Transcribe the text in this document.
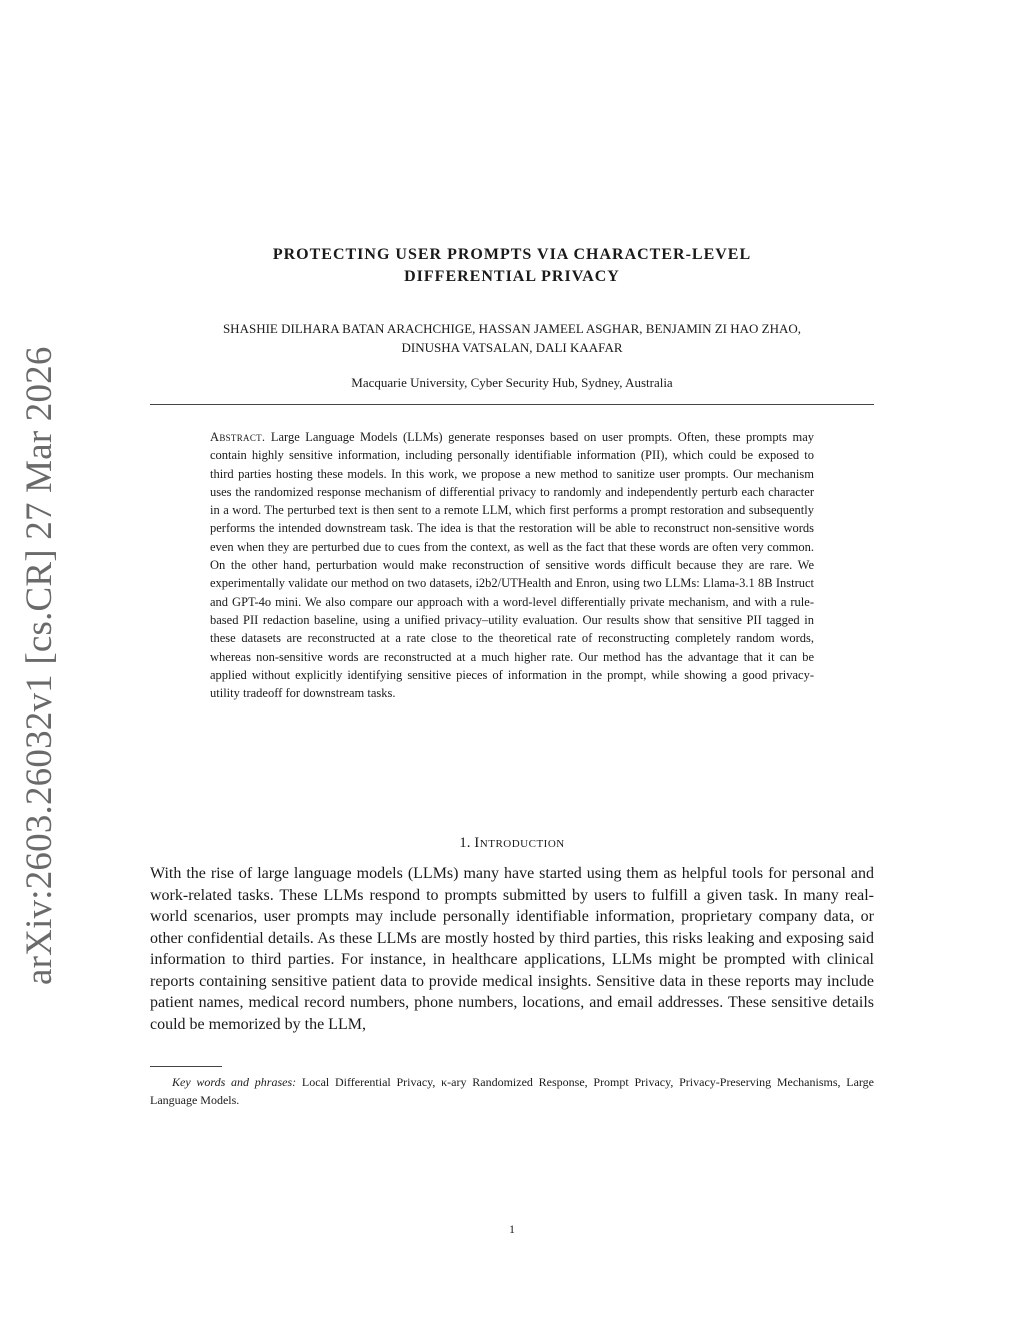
arXiv:2603.26032v1 [cs.CR] 27 Mar 2026
PROTECTING USER PROMPTS VIA CHARACTER-LEVEL
DIFFERENTIAL PRIVACY
SHASHIE DILHARA BATAN ARACHCHIGE, HASSAN JAMEEL ASGHAR, BENJAMIN ZI HAO ZHAO,
DINUSHA VATSALAN, DALI KAAFAR
Macquarie University, Cyber Security Hub, Sydney, Australia
Abstract. Large Language Models (LLMs) generate responses based on user prompts. Often, these prompts may contain highly sensitive information, including personally identifiable information (PII), which could be exposed to third parties hosting these models. In this work, we propose a new method to sanitize user prompts. Our mechanism uses the randomized response mechanism of differential privacy to randomly and independently perturb each character in a word. The perturbed text is then sent to a remote LLM, which first performs a prompt restoration and subsequently performs the intended downstream task. The idea is that the restoration will be able to reconstruct non-sensitive words even when they are perturbed due to cues from the context, as well as the fact that these words are often very common. On the other hand, perturbation would make reconstruction of sensitive words difficult because they are rare. We experimentally validate our method on two datasets, i2b2/UTHealth and Enron, using two LLMs: Llama-3.1 8B Instruct and GPT-4o mini. We also compare our approach with a word-level differentially private mechanism, and with a rule-based PII redaction baseline, using a unified privacy–utility evaluation. Our results show that sensitive PII tagged in these datasets are reconstructed at a rate close to the theoretical rate of reconstructing completely random words, whereas non-sensitive words are reconstructed at a much higher rate. Our method has the advantage that it can be applied without explicitly identifying sensitive pieces of information in the prompt, while showing a good privacy-utility tradeoff for downstream tasks.
1. Introduction
With the rise of large language models (LLMs) many have started using them as helpful tools for personal and work-related tasks. These LLMs respond to prompts submitted by users to fulfill a given task. In many real-world scenarios, user prompts may include personally identifiable information, proprietary company data, or other confidential details. As these LLMs are mostly hosted by third parties, this risks leaking and exposing said information to third parties. For instance, in healthcare applications, LLMs might be prompted with clinical reports containing sensitive patient data to provide medical insights. Sensitive data in these reports may include patient names, medical record numbers, phone numbers, locations, and email addresses. These sensitive details could be memorized by the LLM,
Key words and phrases: Local Differential Privacy, κ-ary Randomized Response, Prompt Privacy, Privacy-Preserving Mechanisms, Large Language Models.
1
